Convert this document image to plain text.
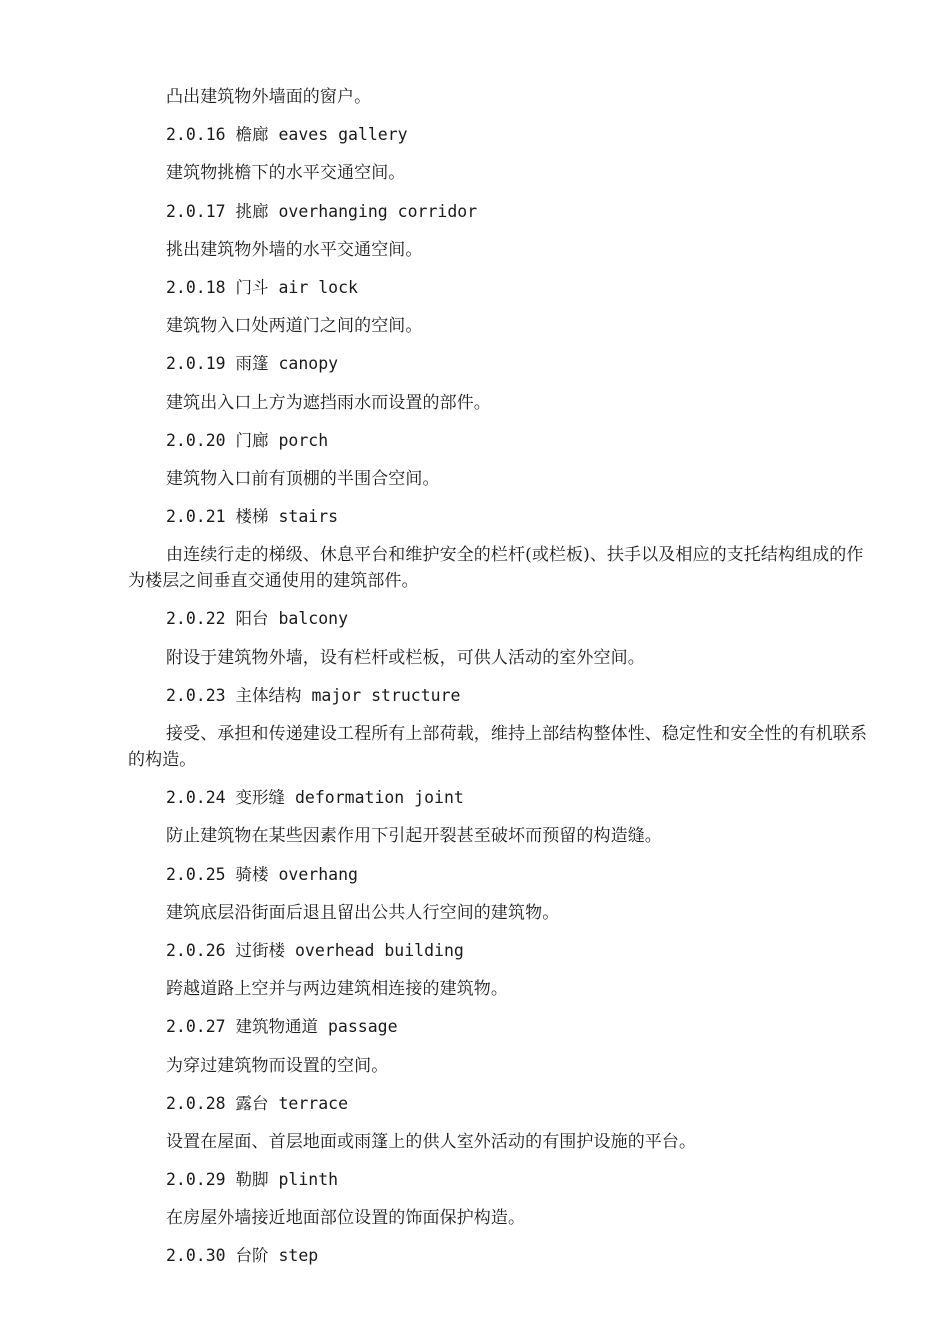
凸出建筑物外墙面的窗户。

2.0.16 檐廊 eaves gallery

建筑物挑檐下的水平交通空间。

2.0.17 挑廊 overhanging corridor

挑出建筑物外墙的水平交通空间。

2.0.18 门斗 air lock

建筑物入口处两道门之间的空间。

2.0.19 雨篷 canopy

建筑出入口上方为遮挡雨水而设置的部件。

2.0.20 门廊 porch

建筑物入口前有顶棚的半围合空间。

2.0.21 楼梯 stairs

由连续行走的梯级、休息平台和维护安全的栏杆(或栏板)、扶手以及相应的支托结构组成的作为楼层之间垂直交通使用的建筑部件。

2.0.22 阳台 balcony

附设于建筑物外墙，设有栏杆或栏板，可供人活动的室外空间。

2.0.23 主体结构 major structure

接受、承担和传递建设工程所有上部荷载，维持上部结构整体性、稳定性和安全性的有机联系的构造。

2.0.24 变形缝 deformation joint

防止建筑物在某些因素作用下引起开裂甚至破坏而预留的构造缝。

2.0.25 骑楼 overhang

建筑底层沿街面后退且留出公共人行空间的建筑物。

2.0.26 过街楼 overhead building

跨越道路上空并与两边建筑相连接的建筑物。

2.0.27 建筑物通道 passage

为穿过建筑物而设置的空间。

2.0.28 露台 terrace

设置在屋面、首层地面或雨篷上的供人室外活动的有围护设施的平台。

2.0.29 勒脚 plinth

在房屋外墙接近地面部位设置的饰面保护构造。

2.0.30 台阶 step
